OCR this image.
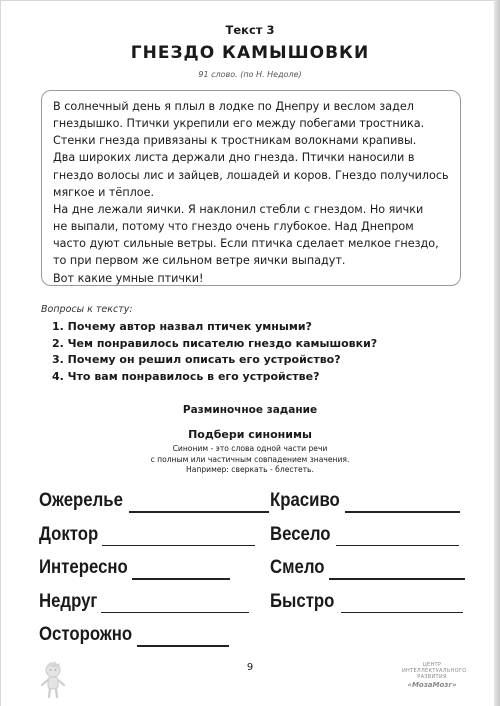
Текст 3
ГНЕЗДО КАМЫШОВКИ
91 слово. (по Н. Недоле)
В солнечный день я плыл в лодке по Днепру и веслом задел
гнездышко. Птички укрепили его между побегами тростника.
Стенки гнезда привязаны к тростникам волокнами крапивы.
Два широких листа держали дно гнезда. Птички наносили в
гнездо волосы лис и зайцев, лошадей и коров. Гнездо получилось
мягкое и тёплое.
На дне лежали яички. Я наклонил стебли с гнездом. Но яички
не выпали, потому что гнездо очень глубокое. Над Днепром
часто дуют сильные ветры. Если птичка сделает мелкое гнездо,
то при первом же сильном ветре яички выпадут.
Вот какие умные птички!
Вопросы к тексту:
1. Почему автор назвал птичек умными?
2. Чем понравилось писателю гнездо камышовки?
3. Почему он решил описать его устройство?
4. Что вам понравилось в его устройстве?
Разминочное задание
Подбери синонимы
Синоним - это слова одной части речи
с полным или частичным совпадением значения.
Например: сверкать - блестеть.
Ожерелье
Доктор
Интересно
Недруг
Осторожно
Красиво
Весело
Смело
Быстро
9	ЦЕНТР
ИНТЕЛЛЕКТУАЛЬНОГО
РАЗВИТИЯ
«МозаМозг»
